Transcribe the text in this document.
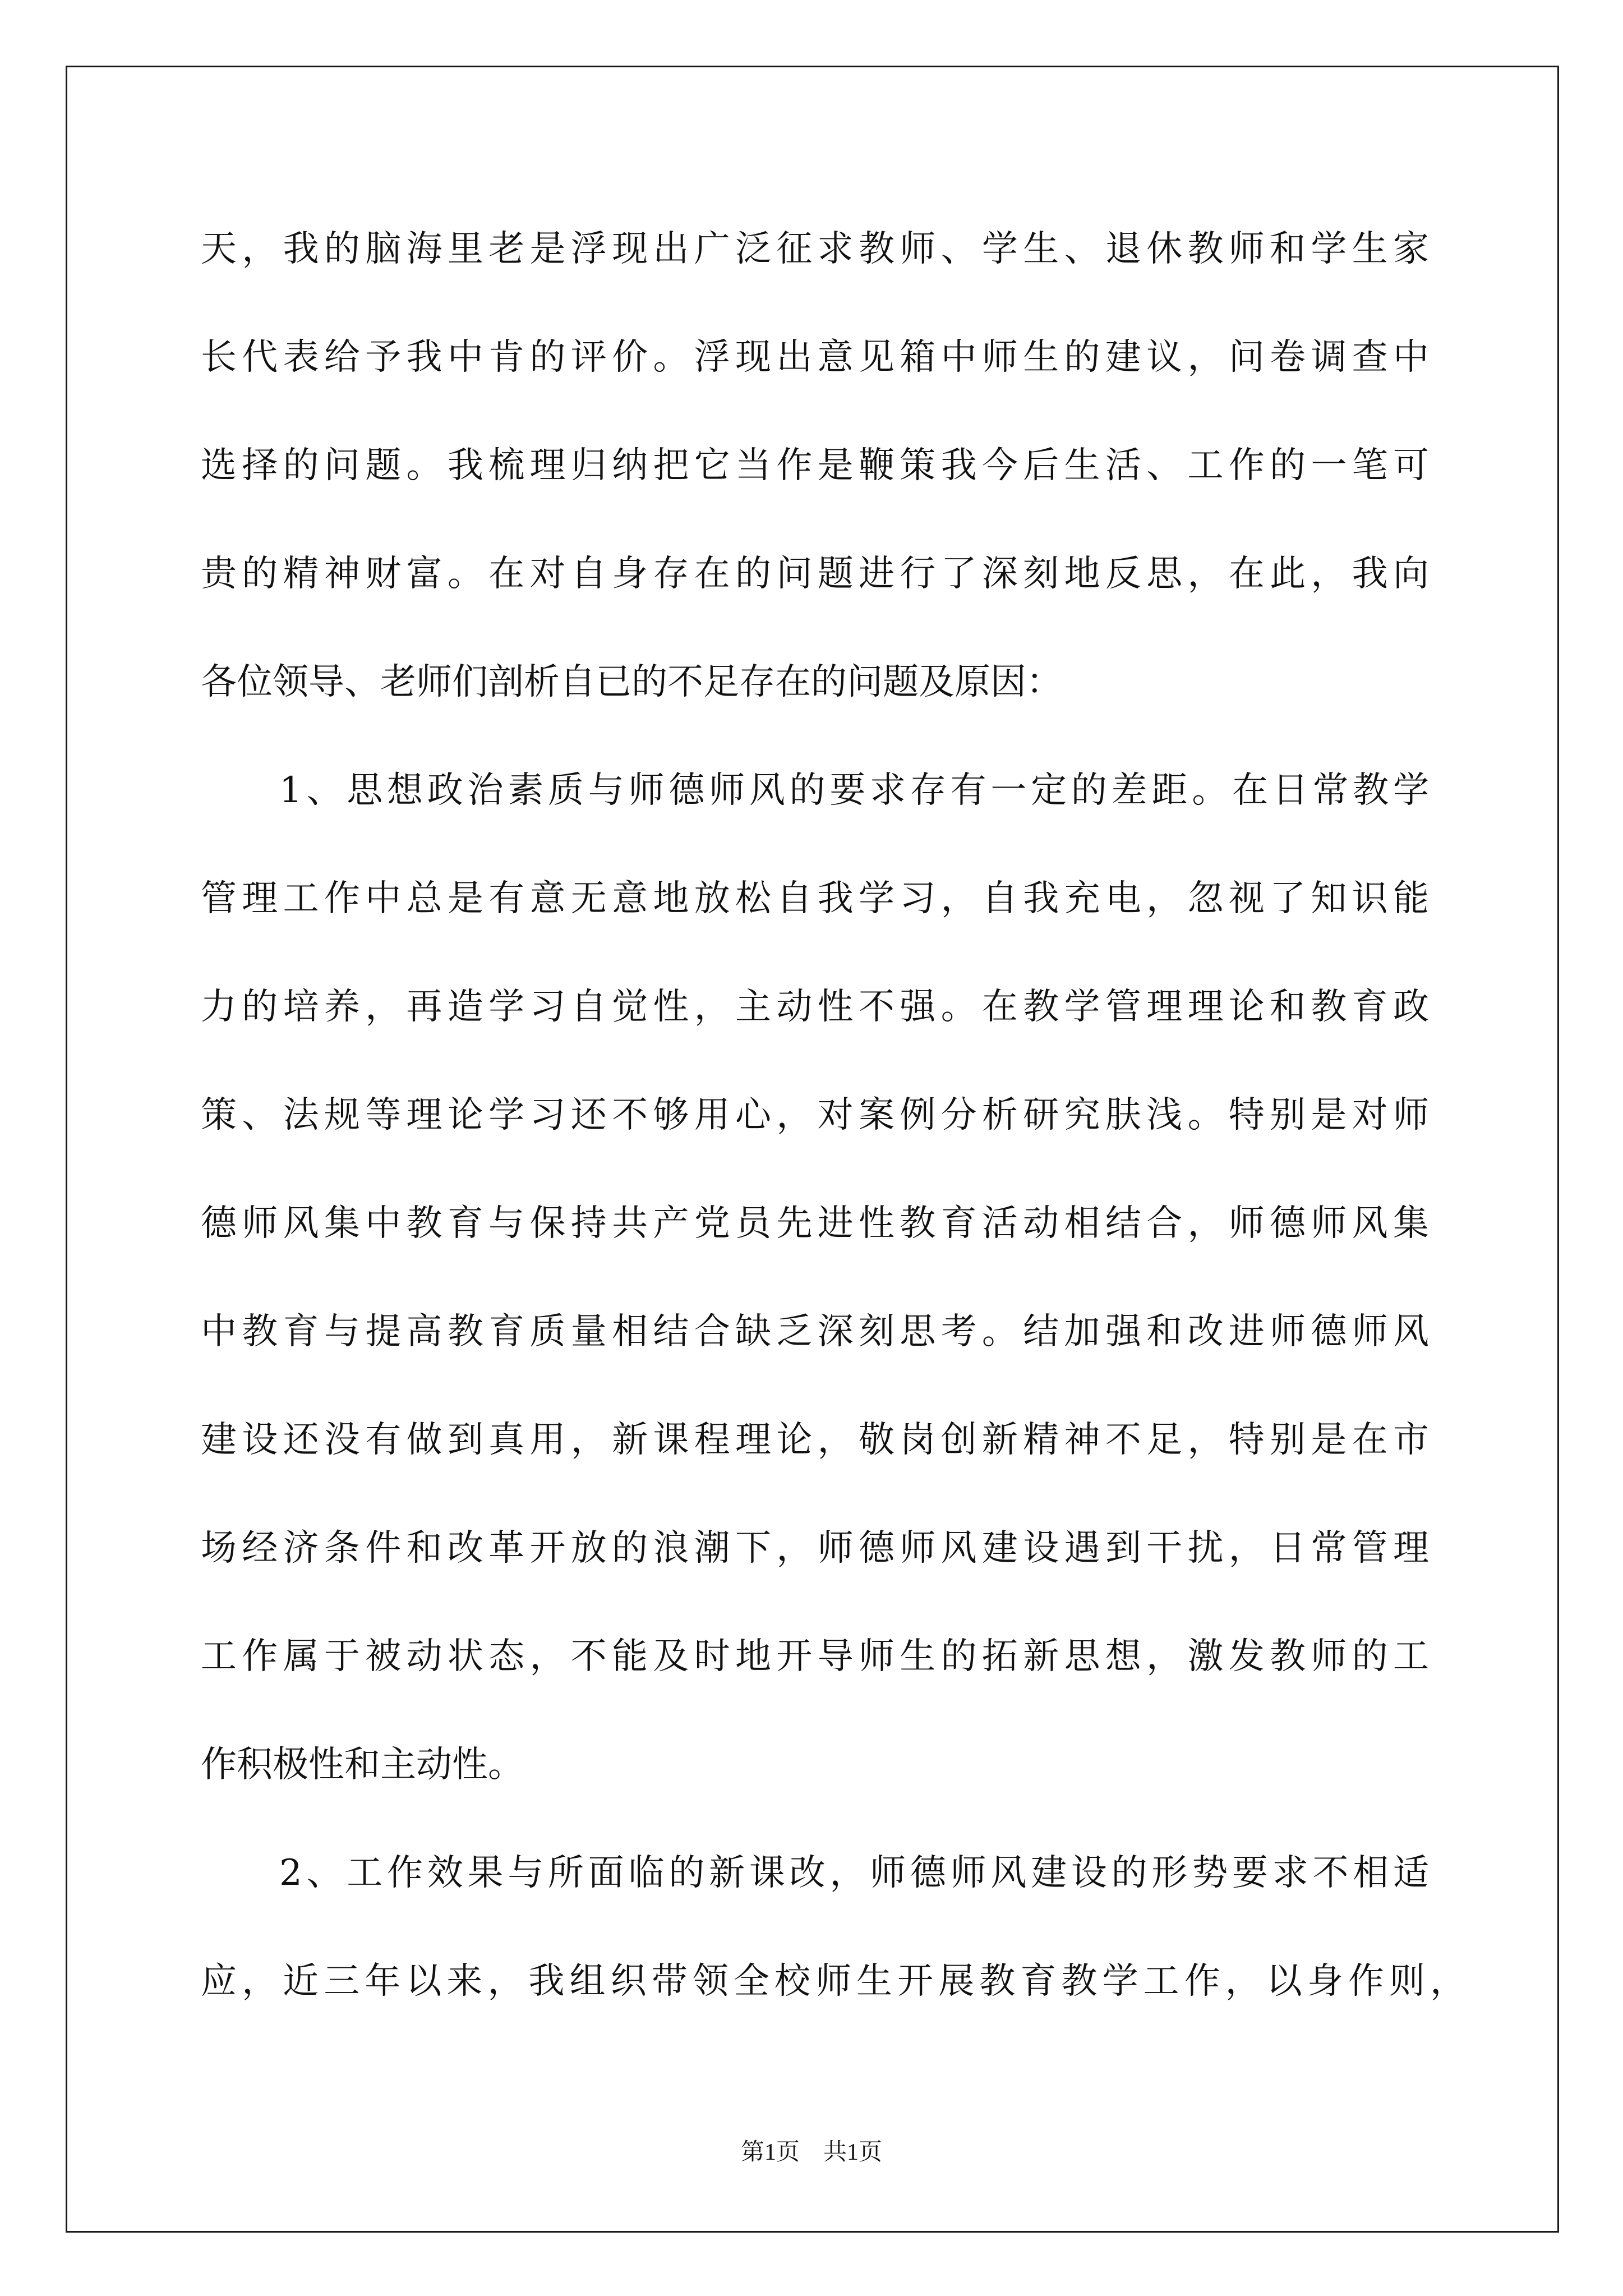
天，我的脑海里老是浮现出广泛征求教师、学生、退休教师和学生家
长代表给予我中肯的评价。浮现出意见箱中师生的建议，问卷调查中
选择的问题。我梳理归纳把它当作是鞭策我今后生活、工作的一笔可
贵的精神财富。在对自身存在的问题进行了深刻地反思，在此，我向
各位领导、老师们剖析自已的不足存在的问题及原因：
1、思想政治素质与师德师风的要求存有一定的差距。在日常教学
管理工作中总是有意无意地放松自我学习，自我充电，忽视了知识能
力的培养，再造学习自觉性，主动性不强。在教学管理理论和教育政
策、法规等理论学习还不够用心，对案例分析研究肤浅。特别是对师
德师风集中教育与保持共产党员先进性教育活动相结合，师德师风集
中教育与提高教育质量相结合缺乏深刻思考。结加强和改进师德师风
建设还没有做到真用，新课程理论，敬岗创新精神不足，特别是在市
场经济条件和改革开放的浪潮下，师德师风建设遇到干扰，日常管理
工作属于被动状态，不能及时地开导师生的拓新思想，激发教师的工
作积极性和主动性。
2、工作效果与所面临的新课改，师德师风建设的形势要求不相适
应，近三年以来，我组织带领全校师生开展教育教学工作，以身作则，
第1页　共1页
